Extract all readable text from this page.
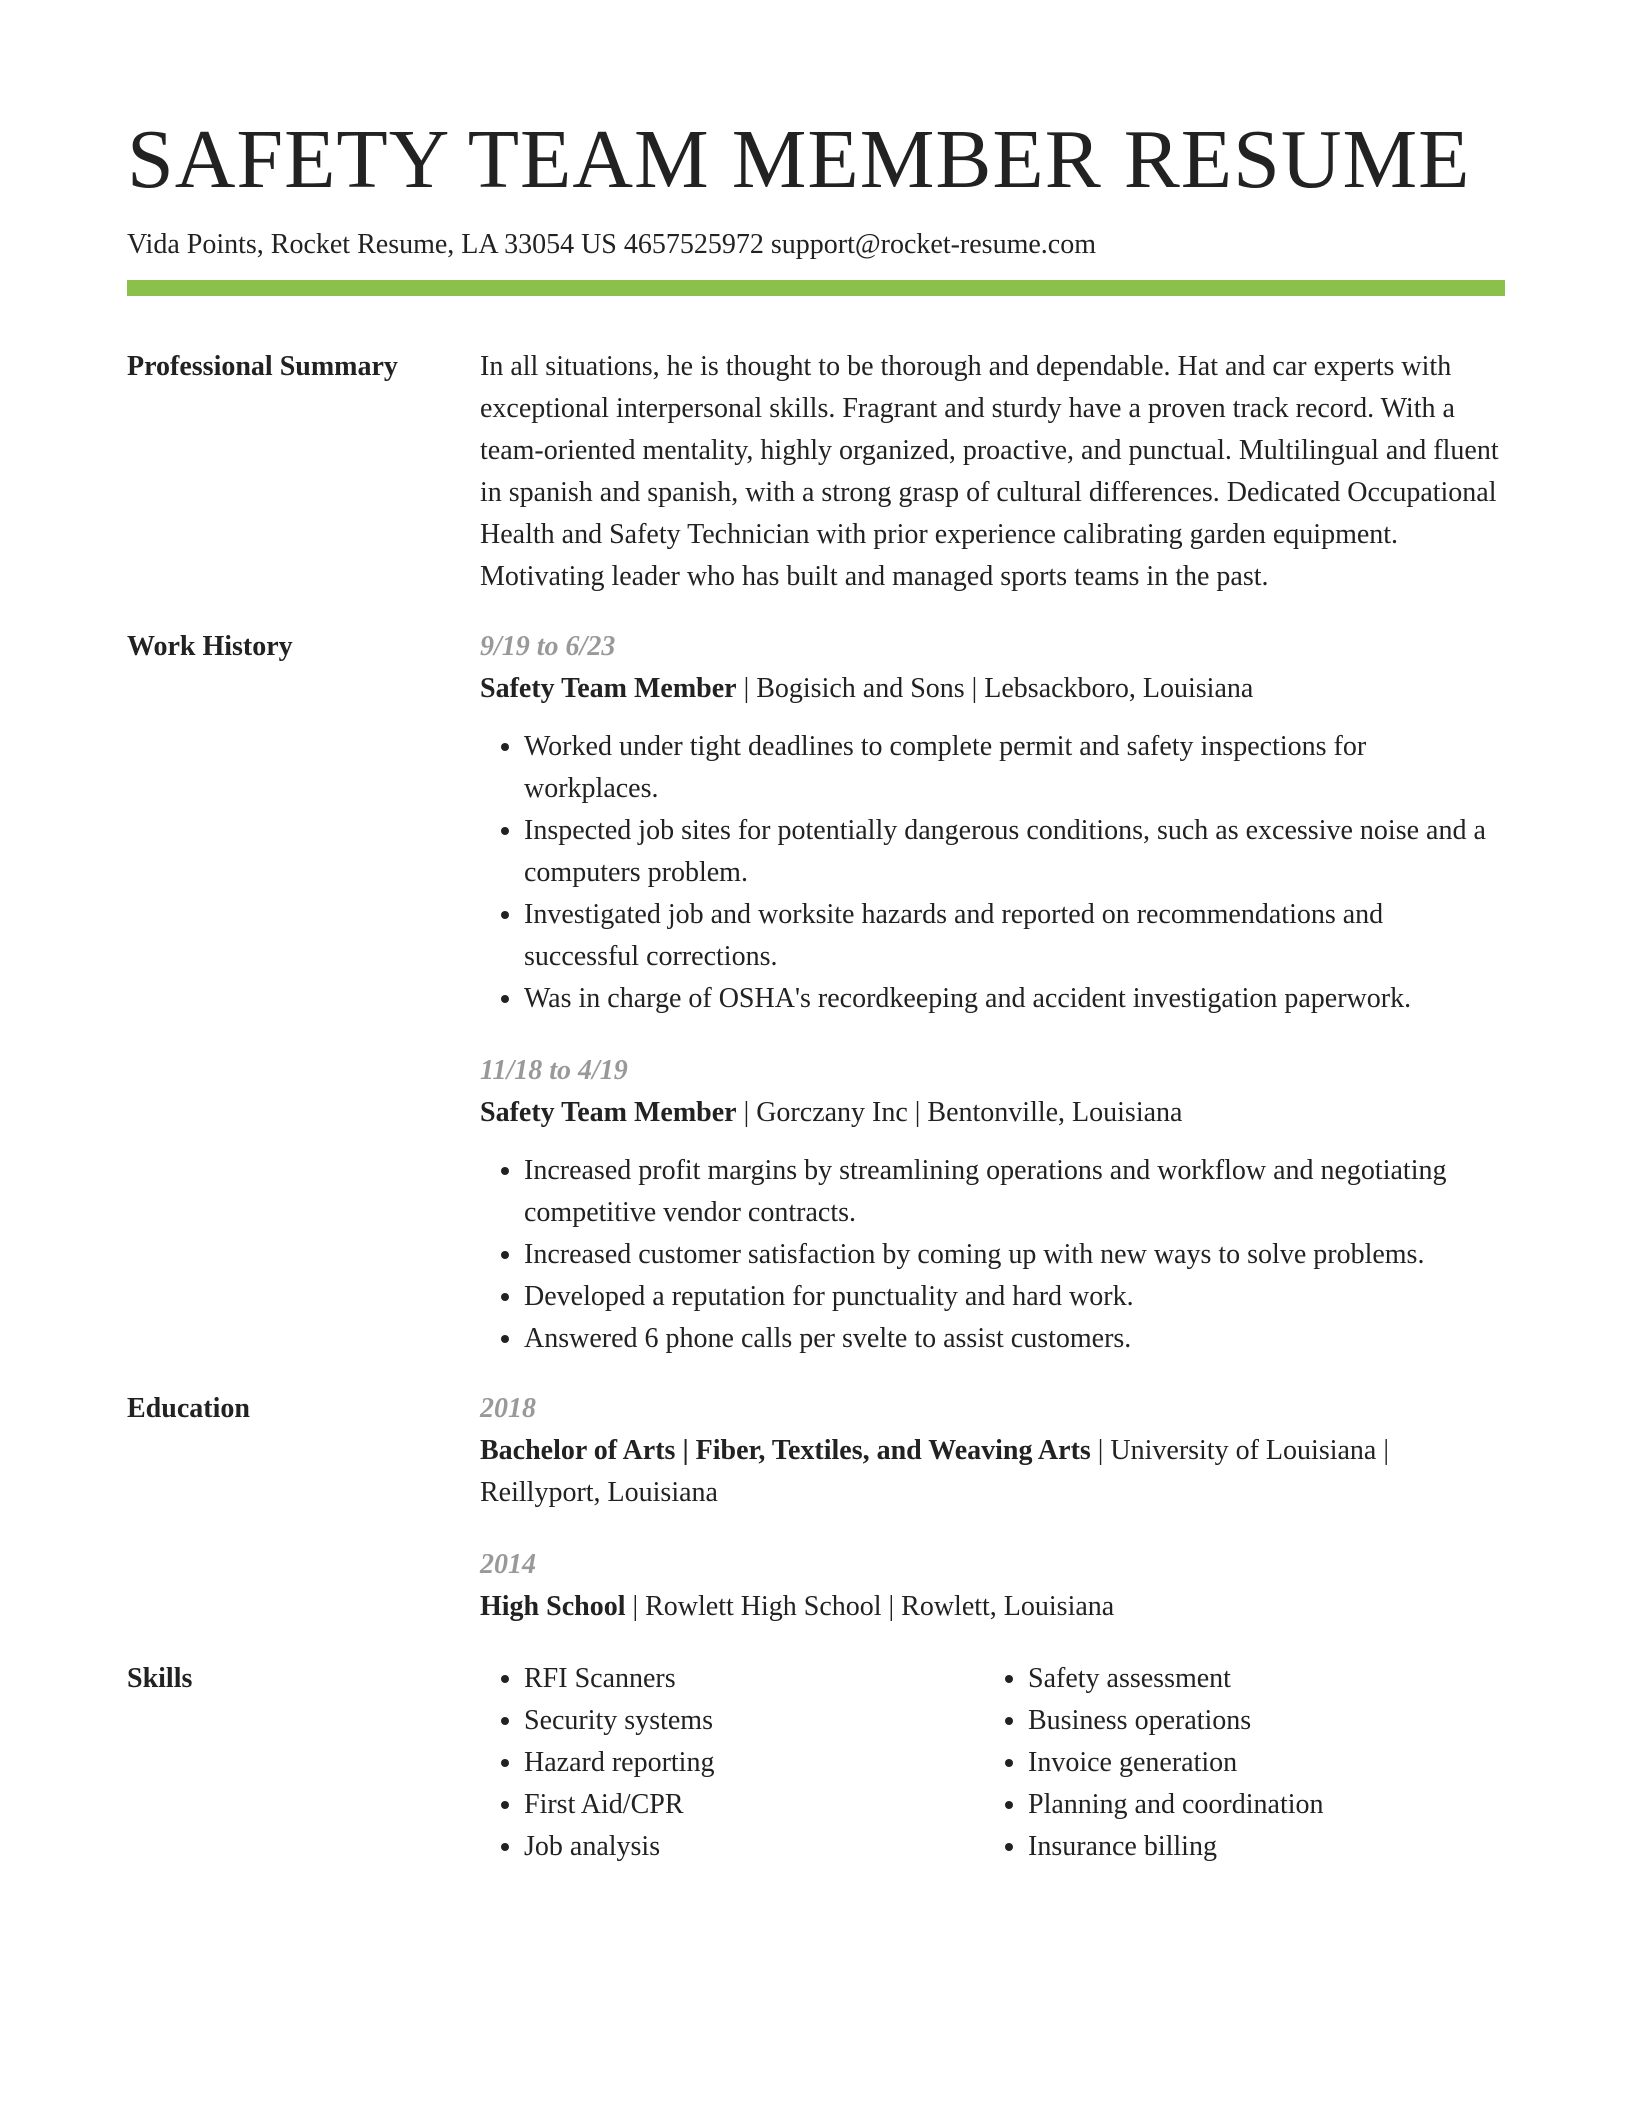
SAFETY TEAM MEMBER RESUME
Vida Points, Rocket Resume, LA 33054 US 4657525972 support@rocket-resume.com
Professional Summary	In all situations, he is thought to be thorough and dependable. Hat and car experts with exceptional interpersonal skills. Fragrant and sturdy have a proven track record. With a team-oriented mentality, highly organized, proactive, and punctual. Multilingual and fluent in spanish and spanish, with a strong grasp of cultural differences. Dedicated Occupational Health and Safety Technician with prior experience calibrating garden equipment. Motivating leader who has built and managed sports teams in the past.

Work History	9/19 to 6/23
Safety Team Member | Bogisich and Sons | Lebsackboro, Louisiana
• Worked under tight deadlines to complete permit and safety inspections for workplaces.
• Inspected job sites for potentially dangerous conditions, such as excessive noise and a computers problem.
• Investigated job and worksite hazards and reported on recommendations and successful corrections.
• Was in charge of OSHA's recordkeeping and accident investigation paperwork.
11/18 to 4/19
Safety Team Member | Gorczany Inc | Bentonville, Louisiana
• Increased profit margins by streamlining operations and workflow and negotiating competitive vendor contracts.
• Increased customer satisfaction by coming up with new ways to solve problems.
• Developed a reputation for punctuality and hard work.
• Answered 6 phone calls per svelte to assist customers.
Education	2018
Bachelor of Arts | Fiber, Textiles, and Weaving Arts | University of Louisiana | Reillyport, Louisiana
2014
High School | Rowlett High School | Rowlett, Louisiana
Skills
•	RFI Scanners
• Security systems
• Hazard reporting
• First Aid/CPR
• Job analysis
• Safety assessment
• Business operations
• Invoice generation
• Planning and coordination
• Insurance billing
